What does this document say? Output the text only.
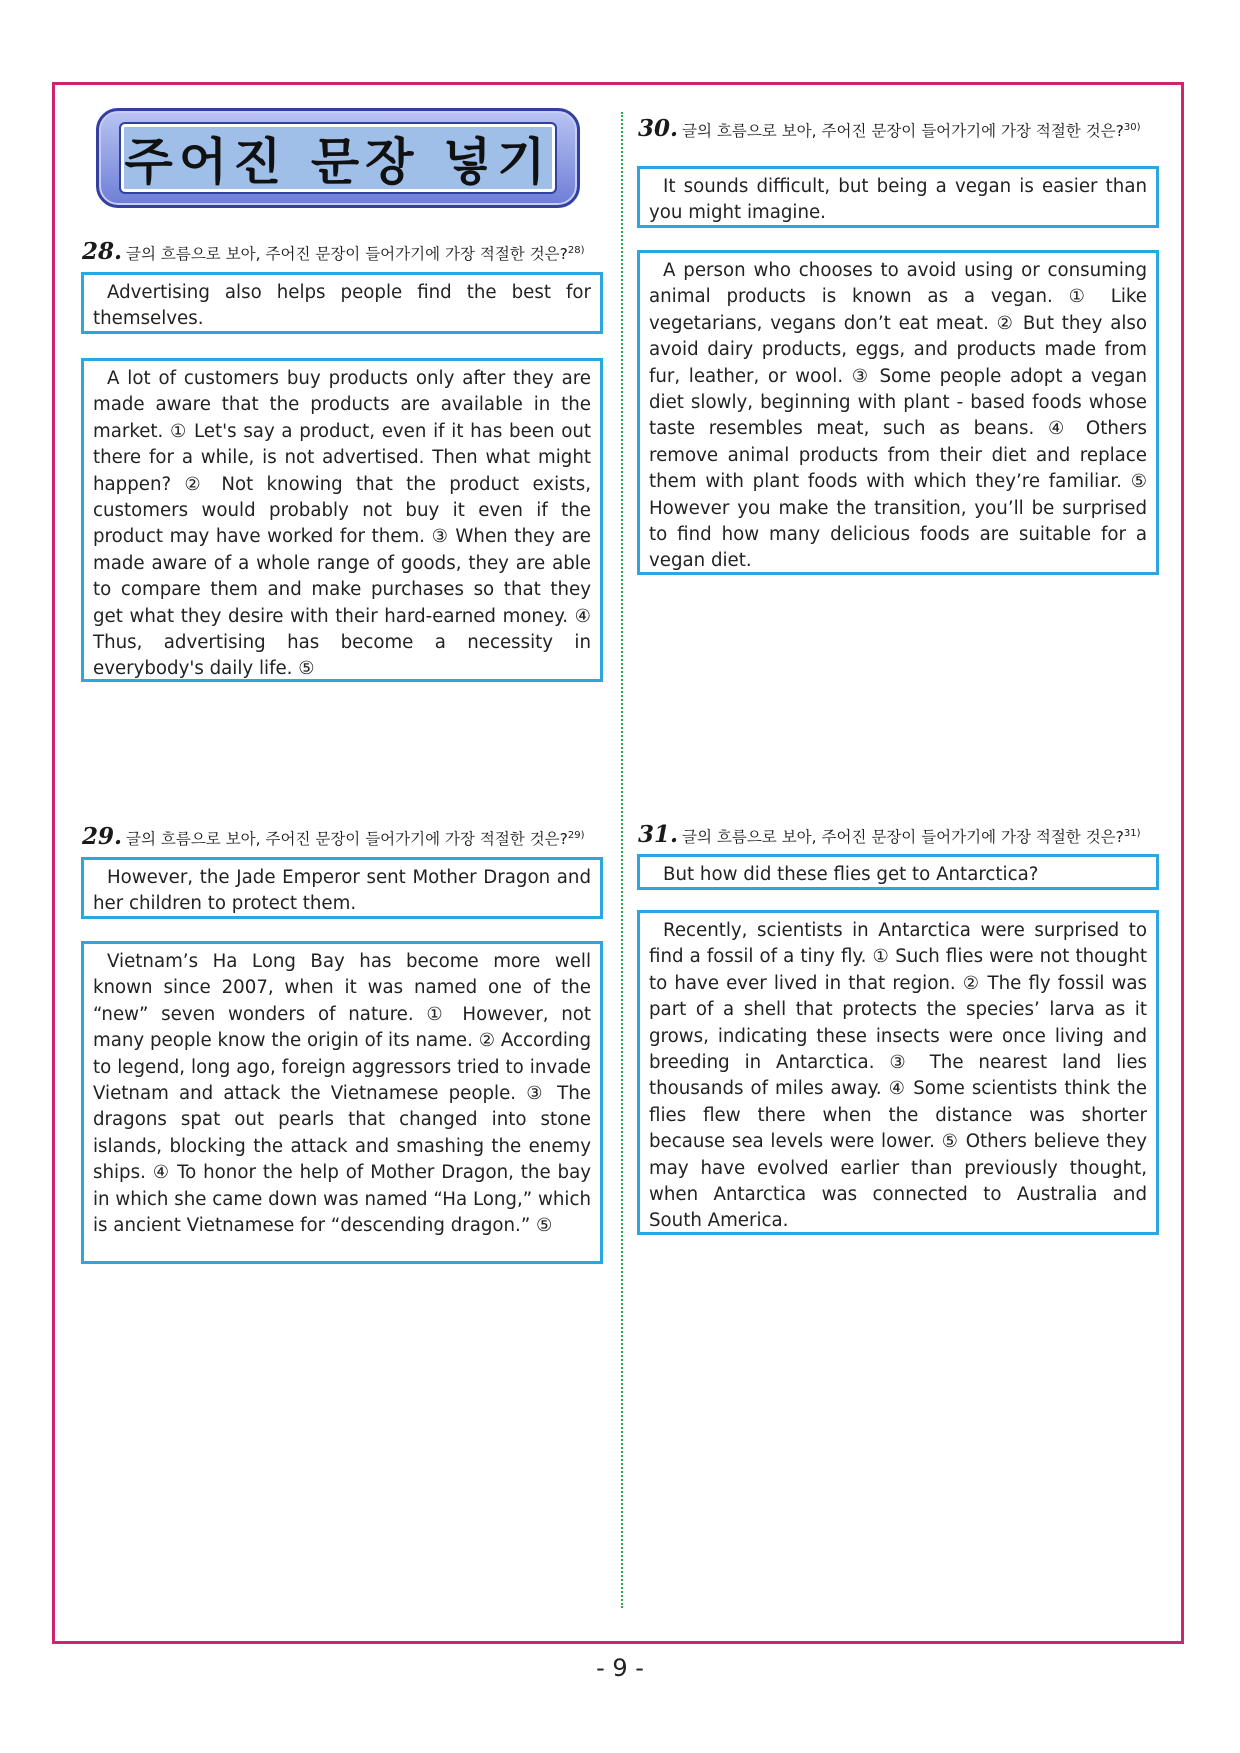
주어진 문장 넣기
28. 글의 흐름으로 보아, 주어진 문장이 들어가기에 가장 적절한 것은?$^{28)}$
Advertising also helps people find the best for themselves.
A lot of customers buy products only after they are made aware that the products are available in the market. ① Let's say a product, even if it has been out there for a while, is not advertised. Then what might happen? ② Not knowing that the product exists, customers would probably not buy it even if the product may have worked for them. ③ When they are made aware of a whole range of goods, they are able to compare them and make purchases so that they get what they desire with their hard-earned money. ④ Thus, advertising has become a necessity in everybody's daily life. ⑤
29. 글의 흐름으로 보아, 주어진 문장이 들어가기에 가장 적절한 것은?$^{29)}$
However, the Jade Emperor sent Mother Dragon and her children to protect them.
Vietnam’s Ha Long Bay has become more well known since 2007, when it was named one of the “new” seven wonders of nature. ① However, not many people know the origin of its name. ② According to legend, long ago, foreign aggressors tried to invade Vietnam and attack the Vietnamese people. ③ The dragons spat out pearls that changed into stone islands, blocking the attack and smashing the enemy ships. ④ To honor the help of Mother Dragon, the bay in which she came down was named “Ha Long,” which is ancient Vietnamese for “descending dragon.” ⑤
30. 글의 흐름으로 보아, 주어진 문장이 들어가기에 가장 적절한 것은?$^{30)}$
It sounds difficult, but being a vegan is easier than you might imagine.
A person who chooses to avoid using or consuming animal products is known as a vegan. ① Like vegetarians, vegans don’t eat meat. ② But they also avoid dairy products, eggs, and products made from fur, leather, or wool. ③ Some people adopt a vegan diet slowly, beginning with plant - based foods whose taste resembles meat, such as beans. ④ Others remove animal products from their diet and replace them with plant foods with which they’re familiar. ⑤ However you make the transition, you’ll be surprised to find how many delicious foods are suitable for a vegan diet.
31. 글의 흐름으로 보아, 주어진 문장이 들어가기에 가장 적절한 것은?$^{31)}$
But how did these flies get to Antarctica?
Recently, scientists in Antarctica were surprised to find a fossil of a tiny fly. ① Such flies were not thought to have ever lived in that region. ② The fly fossil was part of a shell that protects the species’ larva as it grows, indicating these insects were once living and breeding in Antarctica. ③ The nearest land lies thousands of miles away. ④ Some scientists think the flies flew there when the distance was shorter because sea levels were lower. ⑤ Others believe they may have evolved earlier than previously thought, when Antarctica was connected to Australia and South America.
- 9 -
